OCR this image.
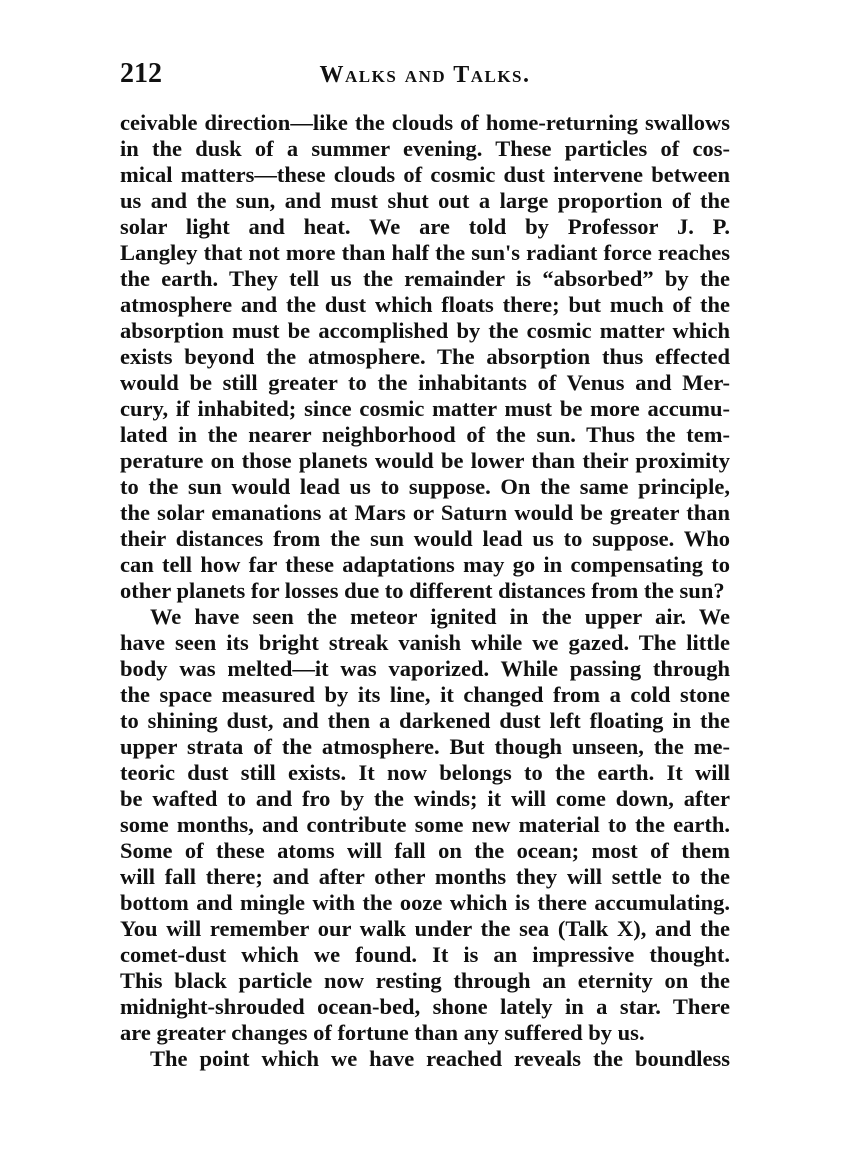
212	Walks and Talks.
ceivable direction—like the clouds of home-returning swallows
in the dusk of a summer evening. These particles of cos-
mical matters—these clouds of cosmic dust intervene between
us and the sun, and must shut out a large proportion of the
solar light and heat. We are told by Professor J. P.
Langley that not more than half the sun's radiant force reaches
the earth. They tell us the remainder is “absorbed” by the
atmosphere and the dust which floats there; but much of the
absorption must be accomplished by the cosmic matter which
exists beyond the atmosphere. The absorption thus effected
would be still greater to the inhabitants of Venus and Mer-
cury, if inhabited; since cosmic matter must be more accumu-
lated in the nearer neighborhood of the sun. Thus the tem-
perature on those planets would be lower than their proximity
to the sun would lead us to suppose. On the same principle,
the solar emanations at Mars or Saturn would be greater than
their distances from the sun would lead us to suppose. Who
can tell how far these adaptations may go in compensating to
other planets for losses due to different distances from the sun?
We have seen the meteor ignited in the upper air. We
have seen its bright streak vanish while we gazed. The little
body was melted—it was vaporized. While passing through
the space measured by its line, it changed from a cold stone
to shining dust, and then a darkened dust left floating in the
upper strata of the atmosphere. But though unseen, the me-
teoric dust still exists. It now belongs to the earth. It will
be wafted to and fro by the winds; it will come down, after
some months, and contribute some new material to the earth.
Some of these atoms will fall on the ocean; most of them
will fall there; and after other months they will settle to the
bottom and mingle with the ooze which is there accumulating.
You will remember our walk under the sea (Talk X), and the
comet-dust which we found. It is an impressive thought.
This black particle now resting through an eternity on the
midnight-shrouded ocean-bed, shone lately in a star. There
are greater changes of fortune than any suffered by us.
The point which we have reached reveals the boundless
